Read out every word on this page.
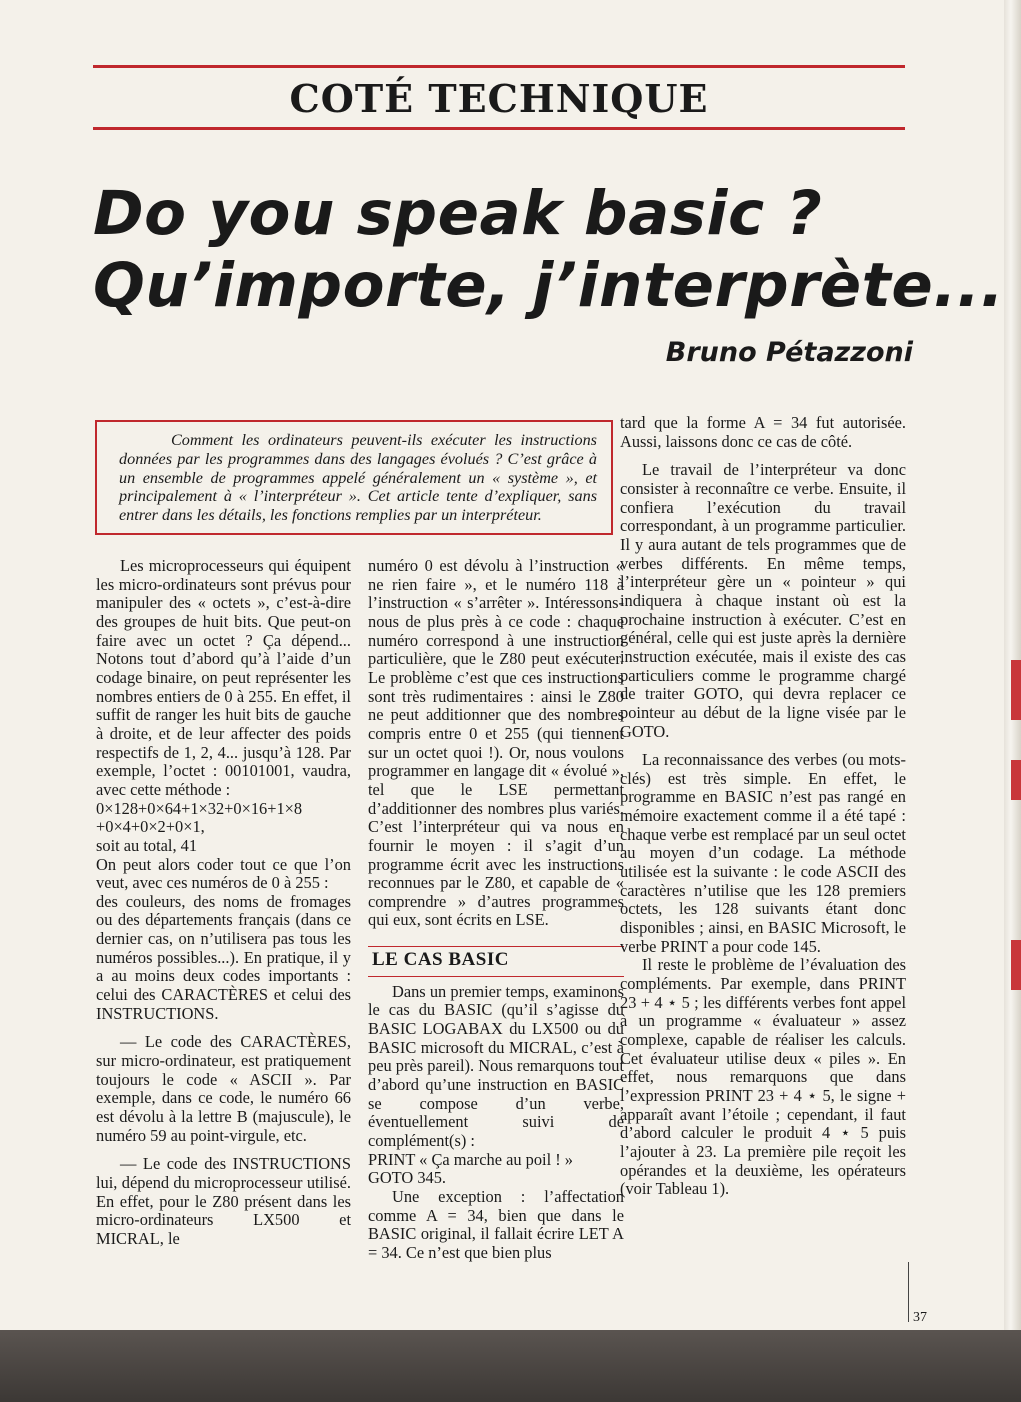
COTÉ TECHNIQUE
Do you speak basic ?
Qu’importe, j’interprète...
Bruno Pétazzoni
Comment les ordinateurs peuvent-ils exécuter les instructions données par les programmes dans des langages évolués ? C’est grâce à un ensemble de programmes appelé généralement un « système », et principalement à « l’interpréteur ». Cet article tente d’expliquer, sans entrer dans les détails, les fonctions remplies par un interpréteur.

Les microprocesseurs qui équipent les micro-ordinateurs sont prévus pour manipuler des « octets », c’est-à-dire des groupes de huit bits. Que peut-on faire avec un octet ? Ça dépend... Notons tout d’abord qu’à l’aide d’un codage binaire, on peut représenter les nombres entiers de 0 à 255. En effet, il suffit de ranger les huit bits de gauche à droite, et de leur affecter des poids respectifs de 1, 2, 4... jusqu’à 128. Par exemple, l’octet : 00101001, vaudra, avec cette méthode :

0×128+0×64+1×32+0×16+1×8

+0×4+0×2+0×1,

soit au total, 41

On peut alors coder tout ce que l’on veut, avec ces numéros de 0 à 255 :

des couleurs, des noms de fromages ou des départements français (dans ce dernier cas, on n’utilisera pas tous les numéros possibles...). En pratique, il y a au moins deux codes importants : celui des CARACTÈRES et celui des INSTRUCTIONS.

— Le code des CARACTÈRES, sur micro-ordinateur, est pratiquement toujours le code « ASCII ». Par exemple, dans ce code, le numéro 66 est dévolu à la lettre B (majuscule), le numéro 59 au point-virgule, etc.

— Le code des INSTRUCTIONS lui, dépend du microprocesseur utilisé. En effet, pour le Z80 présent dans les micro-ordinateurs LX500 et MICRAL, le

numéro 0 est dévolu à l’instruction « ne rien faire », et le numéro 118 à l’instruction « s’arrêter ». Intéressons-nous de plus près à ce code : chaque numéro correspond à une instruction particulière, que le Z80 peut exécuter. Le problème c’est que ces instructions sont très rudimentaires : ainsi le Z80 ne peut additionner que des nombres compris entre 0 et 255 (qui tiennent sur un octet quoi !). Or, nous voulons programmer en langage dit « évolué », tel que le LSE permettant d’additionner des nombres plus variés. C’est l’interpréteur qui va nous en fournir le moyen : il s’agit d’un programme écrit avec les instructions reconnues par le Z80, et capable de « comprendre » d’autres programmes qui eux, sont écrits en LSE.

LE CAS BASIC

Dans un premier temps, examinons le cas du BASIC (qu’il s’agisse du BASIC LOGABAX du LX500 ou du BASIC microsoft du MICRAL, c’est à peu près pareil). Nous remarquons tout d’abord qu’une instruction en BASIC se compose d’un verbe, éventuellement suivi de complément(s) :

PRINT « Ça marche au poil ! »

GOTO 345.

Une exception : l’affectation comme A = 34, bien que dans le BASIC original, il fallait écrire LET A = 34. Ce n’est que bien plus

tard que la forme A = 34 fut autorisée. Aussi, laissons donc ce cas de côté.

Le travail de l’interpréteur va donc consister à reconnaître ce verbe. Ensuite, il confiera l’exécution du travail correspondant, à un programme particulier. Il y aura autant de tels programmes que de verbes différents. En même temps, l’interpréteur gère un « pointeur » qui indiquera à chaque instant où est la prochaine instruction à exécuter. C’est en général, celle qui est juste après la dernière instruction exécutée, mais il existe des cas particuliers comme le programme chargé de traiter GOTO, qui devra replacer ce pointeur au début de la ligne visée par le GOTO.

La reconnaissance des verbes (ou mots-clés) est très simple. En effet, le programme en BASIC n’est pas rangé en mémoire exactement comme il a été tapé : chaque verbe est remplacé par un seul octet au moyen d’un codage. La méthode utilisée est la suivante : le code ASCII des caractères n’utilise que les 128 premiers octets, les 128 suivants étant donc disponibles ; ainsi, en BASIC Microsoft, le verbe PRINT a pour code 145.

Il reste le problème de l’évaluation des compléments. Par exemple, dans PRINT 23 + 4 ⋆ 5 ; les différents verbes font appel à un programme « évaluateur » assez complexe, capable de réaliser les calculs. Cet évaluateur utilise deux « piles ». En effet, nous remarquons que dans l’expression PRINT 23 + 4 ⋆ 5, le signe + apparaît avant l’étoile ; cependant, il faut d’abord calculer le produit 4 ⋆ 5 puis l’ajouter à 23. La première pile reçoit les opérandes et la deuxième, les opérateurs (voir Tableau 1).

37
